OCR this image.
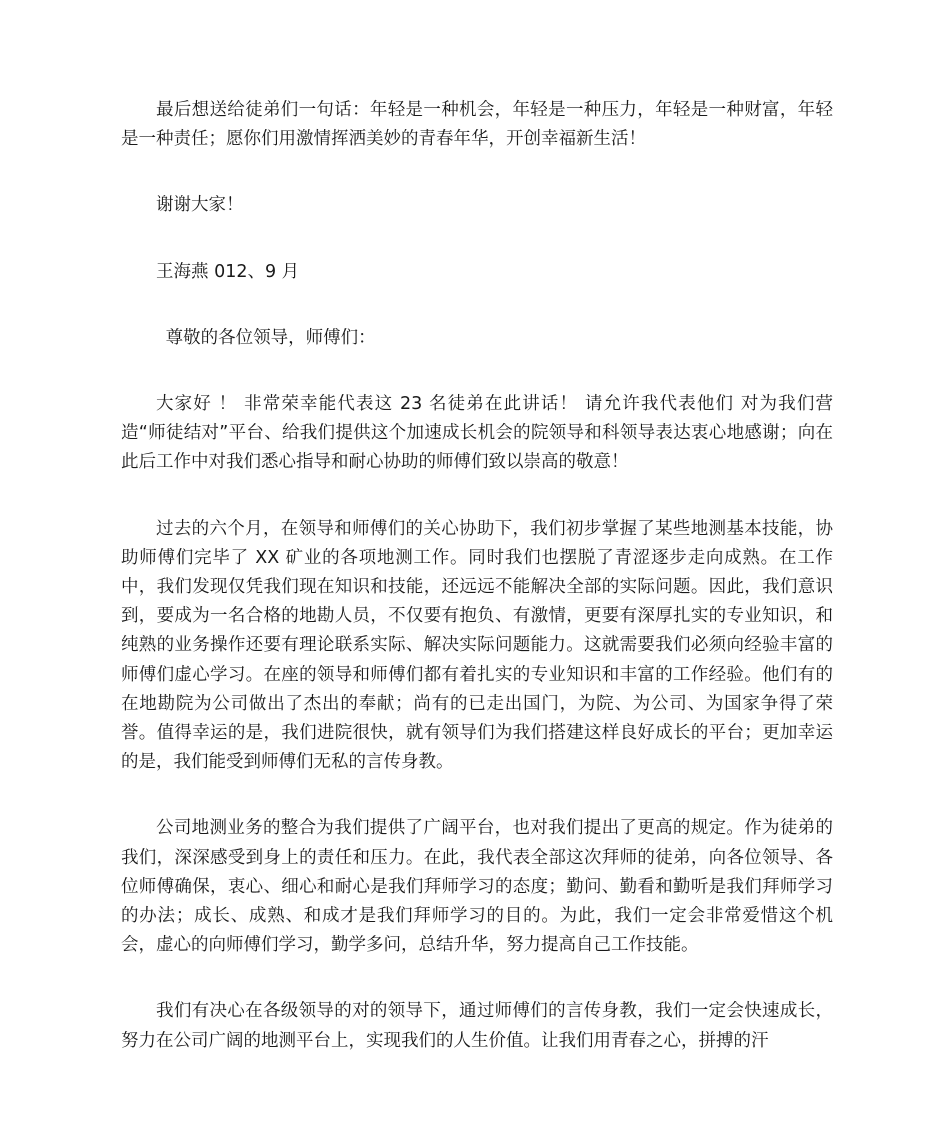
最后想送给徒弟们一句话：年轻是一种机会，年轻是一种压力，年轻是一种财富，年轻是一种责任；愿你们用激情挥洒美妙的青春年华，开创幸福新生活！

谢谢大家！

王海燕 012、9 月

尊敬的各位领导，师傅们：

大家好 ！ 非常荣幸能代表这 23 名徒弟在此讲话！ 请允许我代表他们 对为我们营造“师徒结对”平台、给我们提供这个加速成长机会的院领导和科领导表达衷心地感谢；向在此后工作中对我们悉心指导和耐心协助的师傅们致以崇高的敬意！

过去的六个月，在领导和师傅们的关心协助下，我们初步掌握了某些地测基本技能，协助师傅们完毕了 XX 矿业的各项地测工作。同时我们也摆脱了青涩逐步走向成熟。在工作中，我们发现仅凭我们现在知识和技能，还远远不能解决全部的实际问题。因此，我们意识到，要成为一名合格的地勘人员，不仅要有抱负、有激情，更要有深厚扎实的专业知识，和纯熟的业务操作还要有理论联系实际、解决实际问题能力。这就需要我们必须向经验丰富的师傅们虚心学习。在座的领导和师傅们都有着扎实的专业知识和丰富的工作经验。他们有的在地勘院为公司做出了杰出的奉献；尚有的已走出国门，为院、为公司、为国家争得了荣誉。值得幸运的是，我们进院很快，就有领导们为我们搭建这样良好成长的平台；更加幸运的是，我们能受到师傅们无私的言传身教。

公司地测业务的整合为我们提供了广阔平台，也对我们提出了更高的规定。作为徒弟的我们，深深感受到身上的责任和压力。在此，我代表全部这次拜师的徒弟，向各位领导、各位师傅确保，衷心、细心和耐心是我们拜师学习的态度；勤问、勤看和勤听是我们拜师学习的办法；成长、成熟、和成才是我们拜师学习的目的。为此，我们一定会非常爱惜这个机会，虚心的向师傅们学习，勤学多问，总结升华，努力提高自己工作技能。

我们有决心在各级领导的对的领导下，通过师傅们的言传身教，我们一定会快速成长，努力在公司广阔的地测平台上，实现我们的人生价值。让我们用青春之心，拼搏的汗
